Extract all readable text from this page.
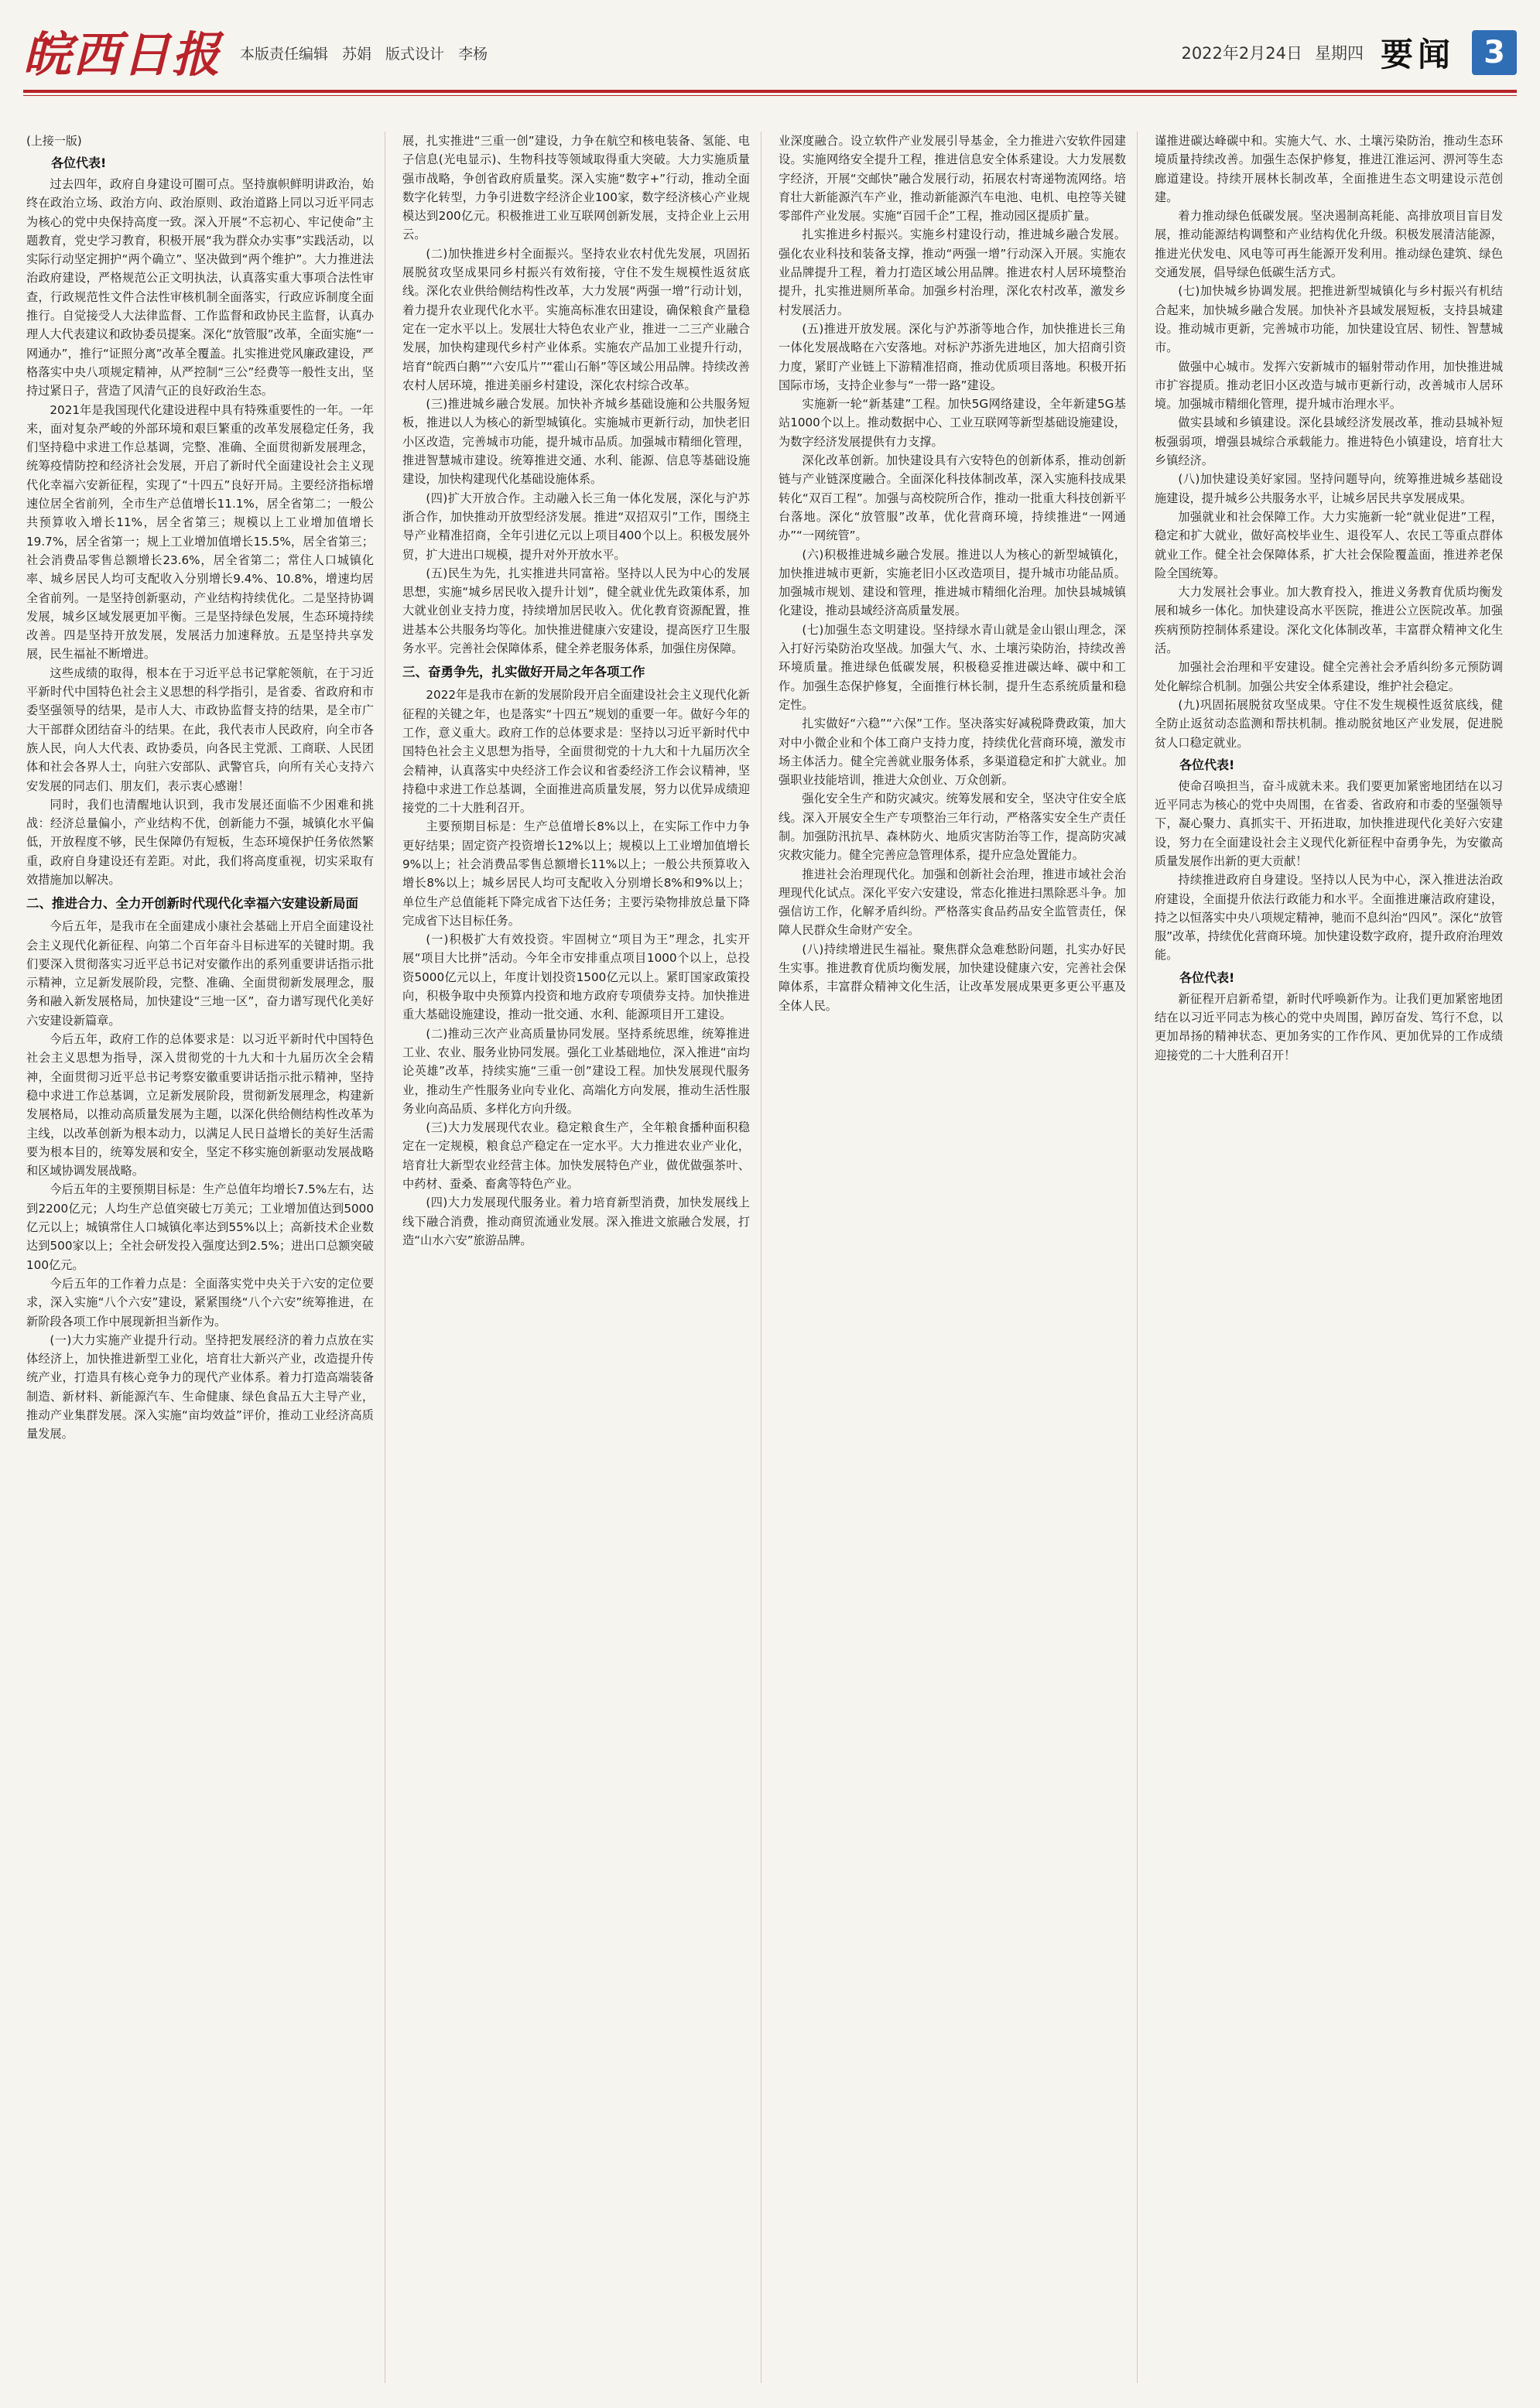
皖西日报 本版责任编辑 苏娟 版式设计 李杨	2022年2月24日 星期四 要闻 3
(上接一版)
各位代表!

过去四年，政府自身建设可圈可点。坚持旗帜鲜明讲政治，始终在政治立场、政治方向、政治原则、政治道路上同以习近平同志为核心的党中央保持高度一致。深入开展“不忘初心、牢记使命”主题教育，党史学习教育，积极开展“我为群众办实事”实践活动，以实际行动坚定拥护“两个确立”、坚决做到“两个维护”。大力推进法治政府建设，严格规范公正文明执法，认真落实重大事项合法性审查，行政规范性文件合法性审核机制全面落实，行政应诉制度全面推行。自觉接受人大法律监督、工作监督和政协民主监督，认真办理人大代表建议和政协委员提案。深化“放管服”改革，全面实施“一网通办”，推行“证照分离”改革全覆盖。扎实推进党风廉政建设，严格落实中央八项规定精神，从严控制“三公”经费等一般性支出，坚持过紧日子，营造了风清气正的良好政治生态。

2021年是我国现代化建设进程中具有特殊重要性的一年。一年来，面对复杂严峻的外部环境和艰巨繁重的改革发展稳定任务，我们坚持稳中求进工作总基调，完整、准确、全面贯彻新发展理念，统筹疫情防控和经济社会发展，开启了新时代全面建设社会主义现代化幸福六安新征程，实现了“十四五”良好开局。主要经济指标增速位居全省前列，全市生产总值增长11.1%，居全省第二；一般公共预算收入增长11%，居全省第三；规模以上工业增加值增长19.7%，居全省第一；规上工业增加值增长15.5%，居全省第三；社会消费品零售总额增长23.6%，居全省第二；常住人口城镇化率、城乡居民人均可支配收入分别增长9.4%、10.8%，增速均居全省前列。一是坚持创新驱动，产业结构持续优化。二是坚持协调发展，城乡区域发展更加平衡。三是坚持绿色发展，生态环境持续改善。四是坚持开放发展，发展活力加速释放。五是坚持共享发展，民生福祉不断增进。

这些成绩的取得，根本在于习近平总书记掌舵领航，在于习近平新时代中国特色社会主义思想的科学指引，是省委、省政府和市委坚强领导的结果，是市人大、市政协监督支持的结果，是全市广大干部群众团结奋斗的结果。在此，我代表市人民政府，向全市各族人民，向人大代表、政协委员，向各民主党派、工商联、人民团体和社会各界人士，向驻六安部队、武警官兵，向所有关心支持六安发展的同志们、朋友们，表示衷心感谢！

同时，我们也清醒地认识到，我市发展还面临不少困难和挑战：经济总量偏小，产业结构不优，创新能力不强，城镇化水平偏低，开放程度不够，民生保障仍有短板，生态环境保护任务依然繁重，政府自身建设还有差距。对此，我们将高度重视，切实采取有效措施加以解决。

二、推进合力、全力开创新时代现代化幸福六安建设新局面

今后五年，是我市在全面建成小康社会基础上开启全面建设社会主义现代化新征程、向第二个百年奋斗目标进军的关键时期。我们要深入贯彻落实习近平总书记对安徽作出的系列重要讲话指示批示精神，立足新发展阶段，完整、准确、全面贯彻新发展理念，服务和融入新发展格局，加快建设“三地一区”，奋力谱写现代化美好六安建设新篇章。

今后五年，政府工作的总体要求是：以习近平新时代中国特色社会主义思想为指导，深入贯彻党的十九大和十九届历次全会精神，全面贯彻习近平总书记考察安徽重要讲话指示批示精神，坚持稳中求进工作总基调，立足新发展阶段，贯彻新发展理念，构建新发展格局，以推动高质量发展为主题，以深化供给侧结构性改革为主线，以改革创新为根本动力，以满足人民日益增长的美好生活需要为根本目的，统筹发展和安全，坚定不移实施创新驱动发展战略和区域协调发展战略。

今后五年的主要预期目标是：生产总值年均增长7.5%左右，达到2200亿元；人均生产总值突破七万美元；工业增加值达到5000亿元以上；城镇常住人口城镇化率达到55%以上；高新技术企业数达到500家以上；全社会研发投入强度达到2.5%；进出口总额突破100亿元。

今后五年的工作着力点是：全面落实党中央关于六安的定位要求，深入实施“八个六安”建设，紧紧围绕“八个六安”统筹推进，在新阶段各项工作中展现新担当新作为。

(一)大力实施产业提升行动。坚持把发展经济的着力点放在实体经济上，加快推进新型工业化，培育壮大新兴产业，改造提升传统产业，打造具有核心竞争力的现代产业体系。着力打造高端装备制造、新材料、新能源汽车、生命健康、绿色食品五大主导产业，推动产业集群发展。深入实施“亩均效益”评价，推动工业经济高质量发展。

展，扎实推进“三重一创”建设，力争在航空和核电装备、氢能、电子信息(光电显示)、生物科技等领域取得重大突破。大力实施质量强市战略，争创省政府质量奖。深入实施“数字+”行动，推动全面数字化转型，力争引进数字经济企业100家，数字经济核心产业规模达到200亿元。积极推进工业互联网创新发展，支持企业上云用云。

(二)加快推进乡村全面振兴。坚持农业农村优先发展，巩固拓展脱贫攻坚成果同乡村振兴有效衔接，守住不发生规模性返贫底线。深化农业供给侧结构性改革，大力发展“两强一增”行动计划，着力提升农业现代化水平。实施高标准农田建设，确保粮食产量稳定在一定水平以上。发展壮大特色农业产业，推进一二三产业融合发展，加快构建现代乡村产业体系。实施农产品加工业提升行动，培育“皖西白鹅”“六安瓜片”“霍山石斛”等区域公用品牌。持续改善农村人居环境，推进美丽乡村建设，深化农村综合改革。

(三)推进城乡融合发展。加快补齐城乡基础设施和公共服务短板，推进以人为核心的新型城镇化。实施城市更新行动，加快老旧小区改造，完善城市功能，提升城市品质。加强城市精细化管理，推进智慧城市建设。统筹推进交通、水利、能源、信息等基础设施建设，加快构建现代化基础设施体系。

(四)扩大开放合作。主动融入长三角一体化发展，深化与沪苏浙合作，加快推动开放型经济发展。推进“双招双引”工作，围绕主导产业精准招商，全年引进亿元以上项目400个以上。积极发展外贸，扩大进出口规模，提升对外开放水平。

(五)民生为先，扎实推进共同富裕。坚持以人民为中心的发展思想，实施“城乡居民收入提升计划”，健全就业优先政策体系，加大就业创业支持力度，持续增加居民收入。优化教育资源配置，推进基本公共服务均等化。加快推进健康六安建设，提高医疗卫生服务水平。完善社会保障体系，健全养老服务体系，加强住房保障。

三、奋勇争先，扎实做好开局之年各项工作

2022年是我市在新的发展阶段开启全面建设社会主义现代化新征程的关键之年，也是落实“十四五”规划的重要一年。做好今年的工作，意义重大。政府工作的总体要求是：坚持以习近平新时代中国特色社会主义思想为指导，全面贯彻党的十九大和十九届历次全会精神，认真落实中央经济工作会议和省委经济工作会议精神，坚持稳中求进工作总基调，全面推进高质量发展，努力以优异成绩迎接党的二十大胜利召开。

主要预期目标是：生产总值增长8%以上，在实际工作中力争更好结果；固定资产投资增长12%以上；规模以上工业增加值增长9%以上；社会消费品零售总额增长11%以上；一般公共预算收入增长8%以上；城乡居民人均可支配收入分别增长8%和9%以上；单位生产总值能耗下降完成省下达任务；主要污染物排放总量下降完成省下达目标任务。

(一)积极扩大有效投资。牢固树立“项目为王”理念，扎实开展“项目大比拼”活动。今年全市安排重点项目1000个以上，总投资5000亿元以上，年度计划投资1500亿元以上。紧盯国家政策投向，积极争取中央预算内投资和地方政府专项债券支持。加快推进重大基础设施建设，推动一批交通、水利、能源项目开工建设。

(二)推动三次产业高质量协同发展。坚持系统思维，统筹推进工业、农业、服务业协同发展。强化工业基础地位，深入推进“亩均论英雄”改革，持续实施“三重一创”建设工程。加快发展现代服务业，推动生产性服务业向专业化、高端化方向发展，推动生活性服务业向高品质、多样化方向升级。

(三)大力发展现代农业。稳定粮食生产，全年粮食播种面积稳定在一定规模，粮食总产稳定在一定水平。大力推进农业产业化，培育壮大新型农业经营主体。加快发展特色产业，做优做强茶叶、中药材、蚕桑、畜禽等特色产业。

(四)大力发展现代服务业。着力培育新型消费，加快发展线上线下融合消费，推动商贸流通业发展。深入推进文旅融合发展，打造“山水六安”旅游品牌。

业深度融合。设立软件产业发展引导基金，全力推进六安软件园建设。实施网络安全提升工程，推进信息安全体系建设。大力发展数字经济，开展“交邮快”融合发展行动，拓展农村寄递物流网络。培育壮大新能源汽车产业，推动新能源汽车电池、电机、电控等关键零部件产业发展。实施“百园千企”工程，推动园区提质扩量。

扎实推进乡村振兴。实施乡村建设行动，推进城乡融合发展。强化农业科技和装备支撑，推动“两强一增”行动深入开展。实施农业品牌提升工程，着力打造区域公用品牌。推进农村人居环境整治提升，扎实推进厕所革命。加强乡村治理，深化农村改革，激发乡村发展活力。

(五)推进开放发展。深化与沪苏浙等地合作，加快推进长三角一体化发展战略在六安落地。对标沪苏浙先进地区，加大招商引资力度，紧盯产业链上下游精准招商，推动优质项目落地。积极开拓国际市场，支持企业参与“一带一路”建设。

实施新一轮“新基建”工程。加快5G网络建设，全年新建5G基站1000个以上。推动数据中心、工业互联网等新型基础设施建设，为数字经济发展提供有力支撑。

深化改革创新。加快建设具有六安特色的创新体系，推动创新链与产业链深度融合。全面深化科技体制改革，深入实施科技成果转化“双百工程”。加强与高校院所合作，推动一批重大科技创新平台落地。深化“放管服”改革，优化营商环境，持续推进“一网通办”“一网统管”。

(六)积极推进城乡融合发展。推进以人为核心的新型城镇化，加快推进城市更新，实施老旧小区改造项目，提升城市功能品质。加强城市规划、建设和管理，推进城市精细化治理。加快县城城镇化建设，推动县域经济高质量发展。

(七)加强生态文明建设。坚持绿水青山就是金山银山理念，深入打好污染防治攻坚战。加强大气、水、土壤污染防治，持续改善环境质量。推进绿色低碳发展，积极稳妥推进碳达峰、碳中和工作。加强生态保护修复，全面推行林长制，提升生态系统质量和稳定性。

扎实做好“六稳”“六保”工作。坚决落实好减税降费政策，加大对中小微企业和个体工商户支持力度，持续优化营商环境，激发市场主体活力。健全完善就业服务体系，多渠道稳定和扩大就业。加强职业技能培训，推进大众创业、万众创新。

强化安全生产和防灾减灾。统筹发展和安全，坚决守住安全底线。深入开展安全生产专项整治三年行动，严格落实安全生产责任制。加强防汛抗旱、森林防火、地质灾害防治等工作，提高防灾减灾救灾能力。健全完善应急管理体系，提升应急处置能力。

推进社会治理现代化。加强和创新社会治理，推进市域社会治理现代化试点。深化平安六安建设，常态化推进扫黑除恶斗争。加强信访工作，化解矛盾纠纷。严格落实食品药品安全监管责任，保障人民群众生命财产安全。

(八)持续增进民生福祉。聚焦群众急难愁盼问题，扎实办好民生实事。推进教育优质均衡发展，加快建设健康六安，完善社会保障体系，丰富群众精神文化生活，让改革发展成果更多更公平惠及全体人民。

谨推进碳达峰碳中和。实施大气、水、土壤污染防治，推动生态环境质量持续改善。加强生态保护修复，推进江淮运河、淠河等生态廊道建设。持续开展林长制改革，全面推进生态文明建设示范创建。

着力推动绿色低碳发展。坚决遏制高耗能、高排放项目盲目发展，推动能源结构调整和产业结构优化升级。积极发展清洁能源，推进光伏发电、风电等可再生能源开发利用。推动绿色建筑、绿色交通发展，倡导绿色低碳生活方式。

(七)加快城乡协调发展。把推进新型城镇化与乡村振兴有机结合起来，加快城乡融合发展。加快补齐县域发展短板，支持县城建设。推动城市更新，完善城市功能，加快建设宜居、韧性、智慧城市。

做强中心城市。发挥六安新城市的辐射带动作用，加快推进城市扩容提质。推动老旧小区改造与城市更新行动，改善城市人居环境。加强城市精细化管理，提升城市治理水平。

做实县域和乡镇建设。深化县域经济发展改革，推动县城补短板强弱项，增强县城综合承载能力。推进特色小镇建设，培育壮大乡镇经济。

(八)加快建设美好家园。坚持问题导向，统筹推进城乡基础设施建设，提升城乡公共服务水平，让城乡居民共享发展成果。

加强就业和社会保障工作。大力实施新一轮“就业促进”工程，稳定和扩大就业，做好高校毕业生、退役军人、农民工等重点群体就业工作。健全社会保障体系，扩大社会保险覆盖面，推进养老保险全国统筹。

大力发展社会事业。加大教育投入，推进义务教育优质均衡发展和城乡一体化。加快建设高水平医院，推进公立医院改革。加强疾病预防控制体系建设。深化文化体制改革，丰富群众精神文化生活。

加强社会治理和平安建设。健全完善社会矛盾纠纷多元预防调处化解综合机制。加强公共安全体系建设，维护社会稳定。

(九)巩固拓展脱贫攻坚成果。守住不发生规模性返贫底线，健全防止返贫动态监测和帮扶机制。推动脱贫地区产业发展，促进脱贫人口稳定就业。

各位代表!

使命召唤担当，奋斗成就未来。我们要更加紧密地团结在以习近平同志为核心的党中央周围，在省委、省政府和市委的坚强领导下，凝心聚力、真抓实干、开拓进取，加快推进现代化美好六安建设，努力在全面建设社会主义现代化新征程中奋勇争先，为安徽高质量发展作出新的更大贡献！

持续推进政府自身建设。坚持以人民为中心，深入推进法治政府建设，全面提升依法行政能力和水平。全面推进廉洁政府建设，持之以恒落实中央八项规定精神，驰而不息纠治“四风”。深化“放管服”改革，持续优化营商环境。加快建设数字政府，提升政府治理效能。

各位代表!

新征程开启新希望，新时代呼唤新作为。让我们更加紧密地团结在以习近平同志为核心的党中央周围，踔厉奋发、笃行不怠，以更加昂扬的精神状态、更加务实的工作作风、更加优异的工作成绩迎接党的二十大胜利召开！
